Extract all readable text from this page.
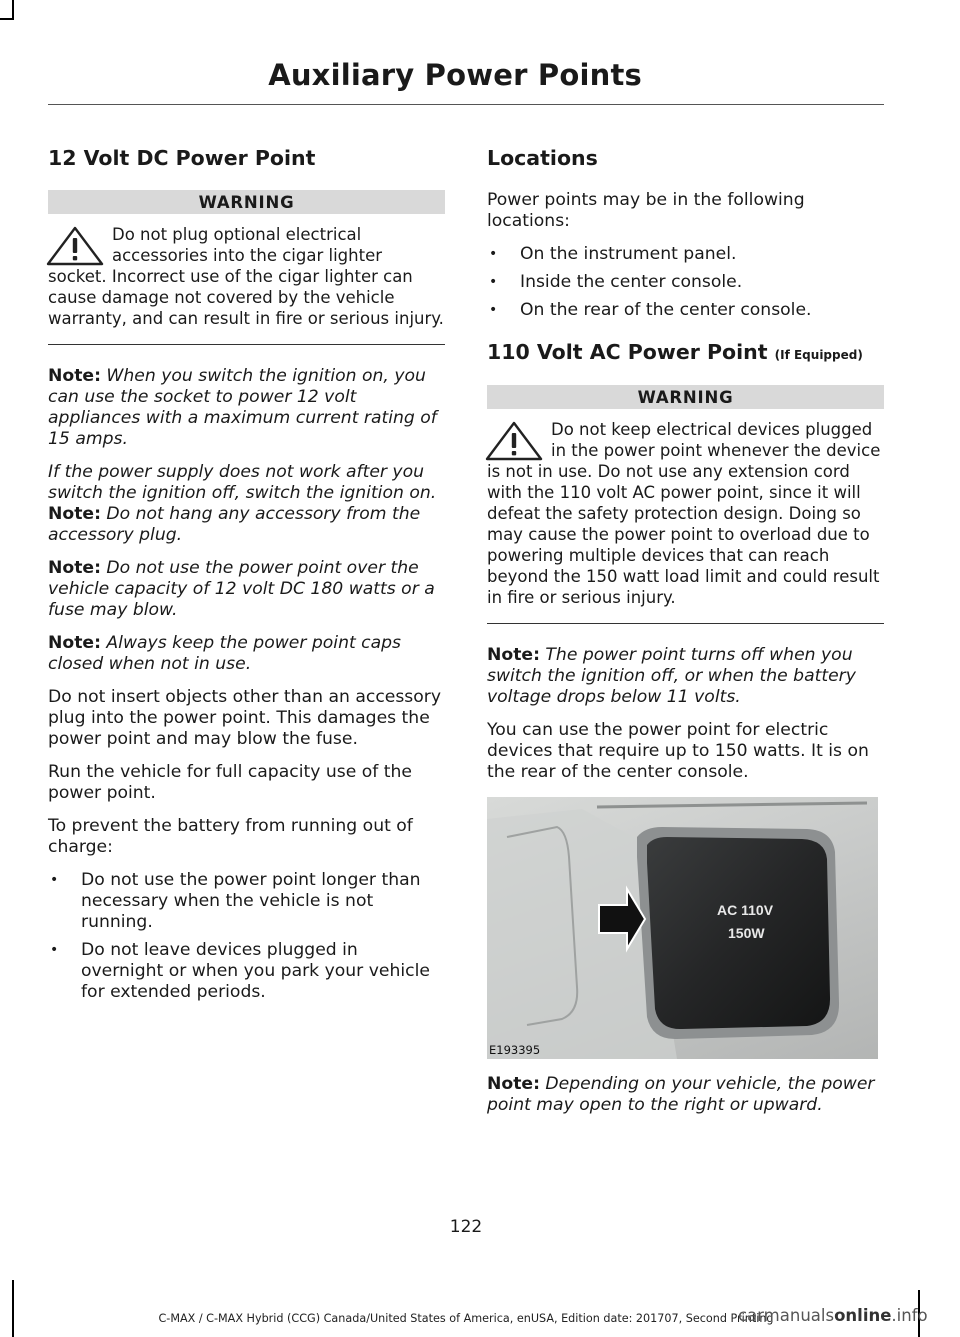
Auxiliary Power Points
12 Volt DC Power Point
WARNING
Do not plug optional electrical accessories into the cigar lighter socket. Incorrect use of the cigar lighter can cause damage not covered by the vehicle warranty, and can result in fire or serious injury.

Note: When you switch the ignition on, you can use the socket to power 12 volt appliances with a maximum current rating of 15 amps.

If the power supply does not work after you switch the ignition off, switch the ignition on.

Note: Do not hang any accessory from the accessory plug.

Note: Do not use the power point over the vehicle capacity of 12 volt DC 180 watts or a fuse may blow.

Note: Always keep the power point caps closed when not in use.

Do not insert objects other than an accessory plug into the power point. This damages the power point and may blow the fuse.

Run the vehicle for full capacity use of the power point.

To prevent the battery from running out of charge:

• Do not use the power point longer than necessary when the vehicle is not running.
• Do not leave devices plugged in overnight or when you park your vehicle for extended periods.
Locations

Power points may be in the following locations:

• On the instrument panel.
• Inside the center console.
• On the rear of the center console.
110 Volt AC Power Point (If Equipped)
WARNING
Do not keep electrical devices plugged in the power point whenever the device is not in use. Do not use any extension cord with the 110 volt AC power point, since it will defeat the safety protection design. Doing so may cause the power point to overload due to powering multiple devices that can reach beyond the 150 watt load limit and could result in fire or serious injury.

Note: The power point turns off when you switch the ignition off, or when the battery voltage drops below 11 volts.

You can use the power point for electric devices that require up to 150 watts. It is on the rear of the center console.

AC 110V
150W
E193395

Note: Depending on your vehicle, the power point may open to the right or upward.

122
C-MAX / C-MAX Hybrid (CCG) Canada/United States of America, enUSA, Edition date: 201707, Second Printing
carmanualsonline.info
